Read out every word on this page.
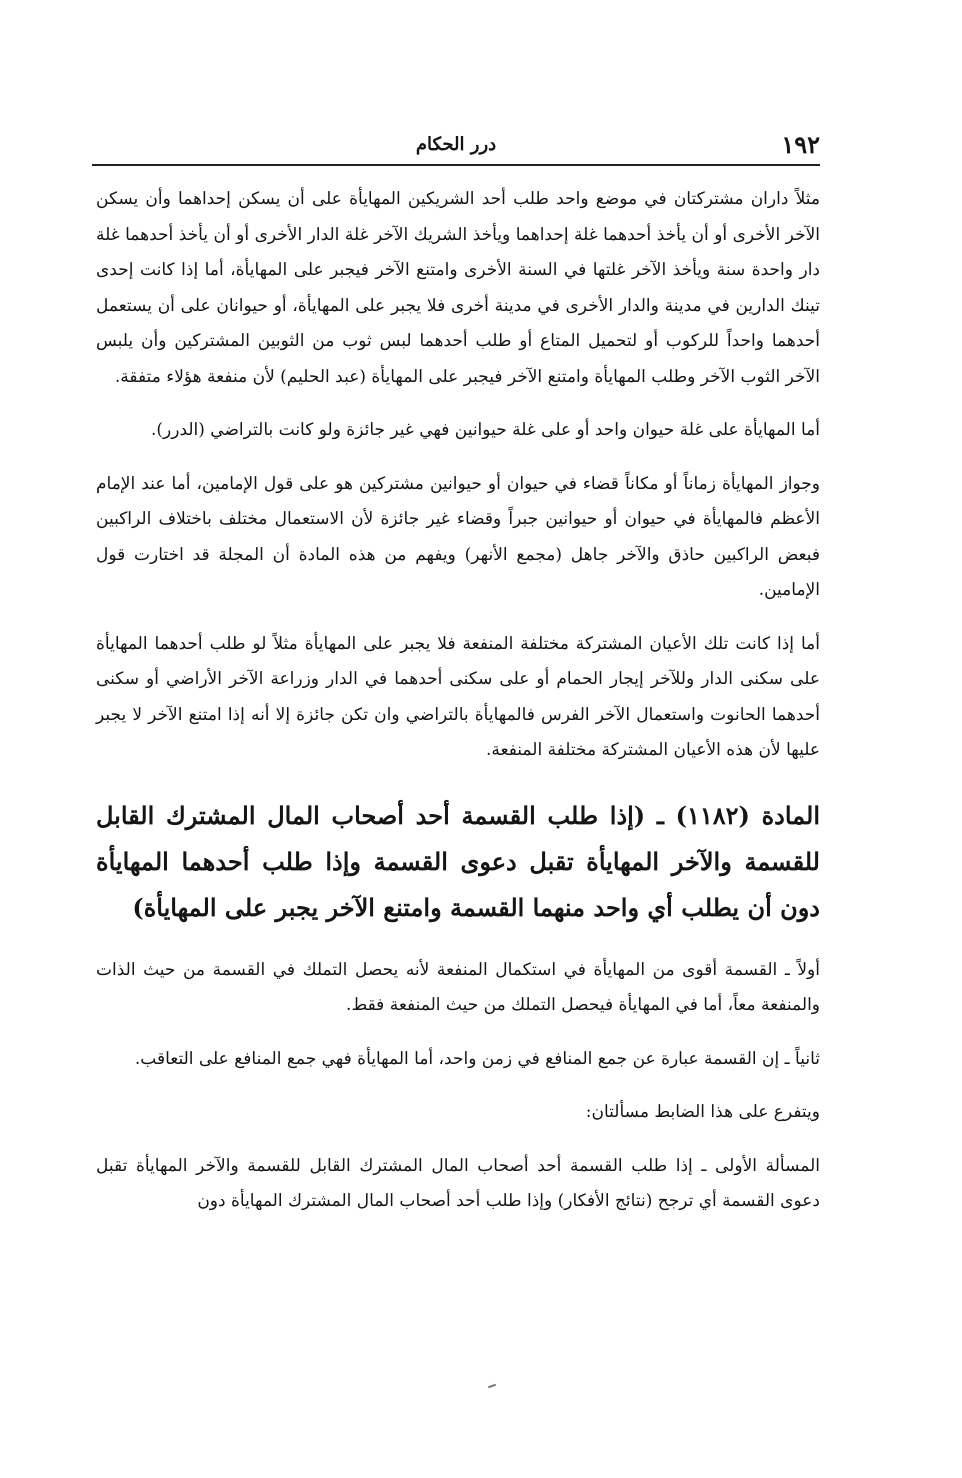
١٩٢
درر الحكام

مثلاً داران مشتركتان في موضع واحد طلب أحد الشريكين المهايأة على أن يسكن إحداهما وأن يسكن الآخر الأخرى أو أن يأخذ أحدهما غلة إحداهما ويأخذ الشريك الآخر غلة الدار الأخرى أو أن يأخذ أحدهما غلة دار واحدة سنة ويأخذ الآخر غلتها في السنة الأخرى وامتنع الآخر فيجبر على المهايأة، أما إذا كانت إحدى تينك الدارين في مدينة والدار الأخرى في مدينة أخرى فلا يجبر على المهايأة، أو حيوانان على أن يستعمل أحدهما واحداً للركوب أو لتحميل المتاع أو طلب أحدهما لبس ثوب من الثوبين المشتركين وأن يلبس الآخر الثوب الآخر وطلب المهايأة وامتنع الآخر فيجبر على المهايأة (عبد الحليم) لأن منفعة هؤلاء متفقة.

أما المهايأة على غلة حيوان واحد أو على غلة حيوانين فهي غير جائزة ولو كانت بالتراضي (الدرر).

وجواز المهايأة زماناً أو مكاناً قضاء في حيوان أو حيوانين مشتركين هو على قول الإمامين، أما عند الإمام الأعظم فالمهايأة في حيوان أو حيوانين جبراً وقضاء غير جائزة لأن الاستعمال مختلف باختلاف الراكبين فبعض الراكبين حاذق والآخر جاهل (مجمع الأنهر) ويفهم من هذه المادة أن المجلة قد اختارت قول الإمامين.

أما إذا كانت تلك الأعيان المشتركة مختلفة المنفعة فلا يجبر على المهايأة مثلاً لو طلب أحدهما المهايأة على سكنى الدار وللآخر إيجار الحمام أو على سكنى أحدهما في الدار وزراعة الآخر الأراضي أو سكنى أحدهما الحانوت واستعمال الآخر الفرس فالمهايأة بالتراضي وان تكن جائزة إلا أنه إذا امتنع الآخر لا يجبر عليها لأن هذه الأعيان المشتركة مختلفة المنفعة.

المادة (١١٨٢) ـ (إذا طلب القسمة أحد أصحاب المال المشترك القابل للقسمة والآخر المهايأة تقبل دعوى القسمة وإذا طلب أحدهما المهايأة دون أن يطلب أي واحد منهما القسمة وامتنع الآخر يجبر على المهايأة)

أولاً ـ القسمة أقوى من المهايأة في استكمال المنفعة لأنه يحصل التملك في القسمة من حيث الذات والمنفعة معاً، أما في المهايأة فيحصل التملك من حيث المنفعة فقط.

ثانياً ـ إن القسمة عبارة عن جمع المنافع في زمن واحد، أما المهايأة فهي جمع المنافع على التعاقب.

ويتفرع على هذا الضابط مسألتان:

المسألة الأولى ـ إذا طلب القسمة أحد أصحاب المال المشترك القابل للقسمة والآخر المهايأة تقبل دعوى القسمة أي ترجح (نتائج الأفكار) وإذا طلب أحد أصحاب المال المشترك المهايأة دون
